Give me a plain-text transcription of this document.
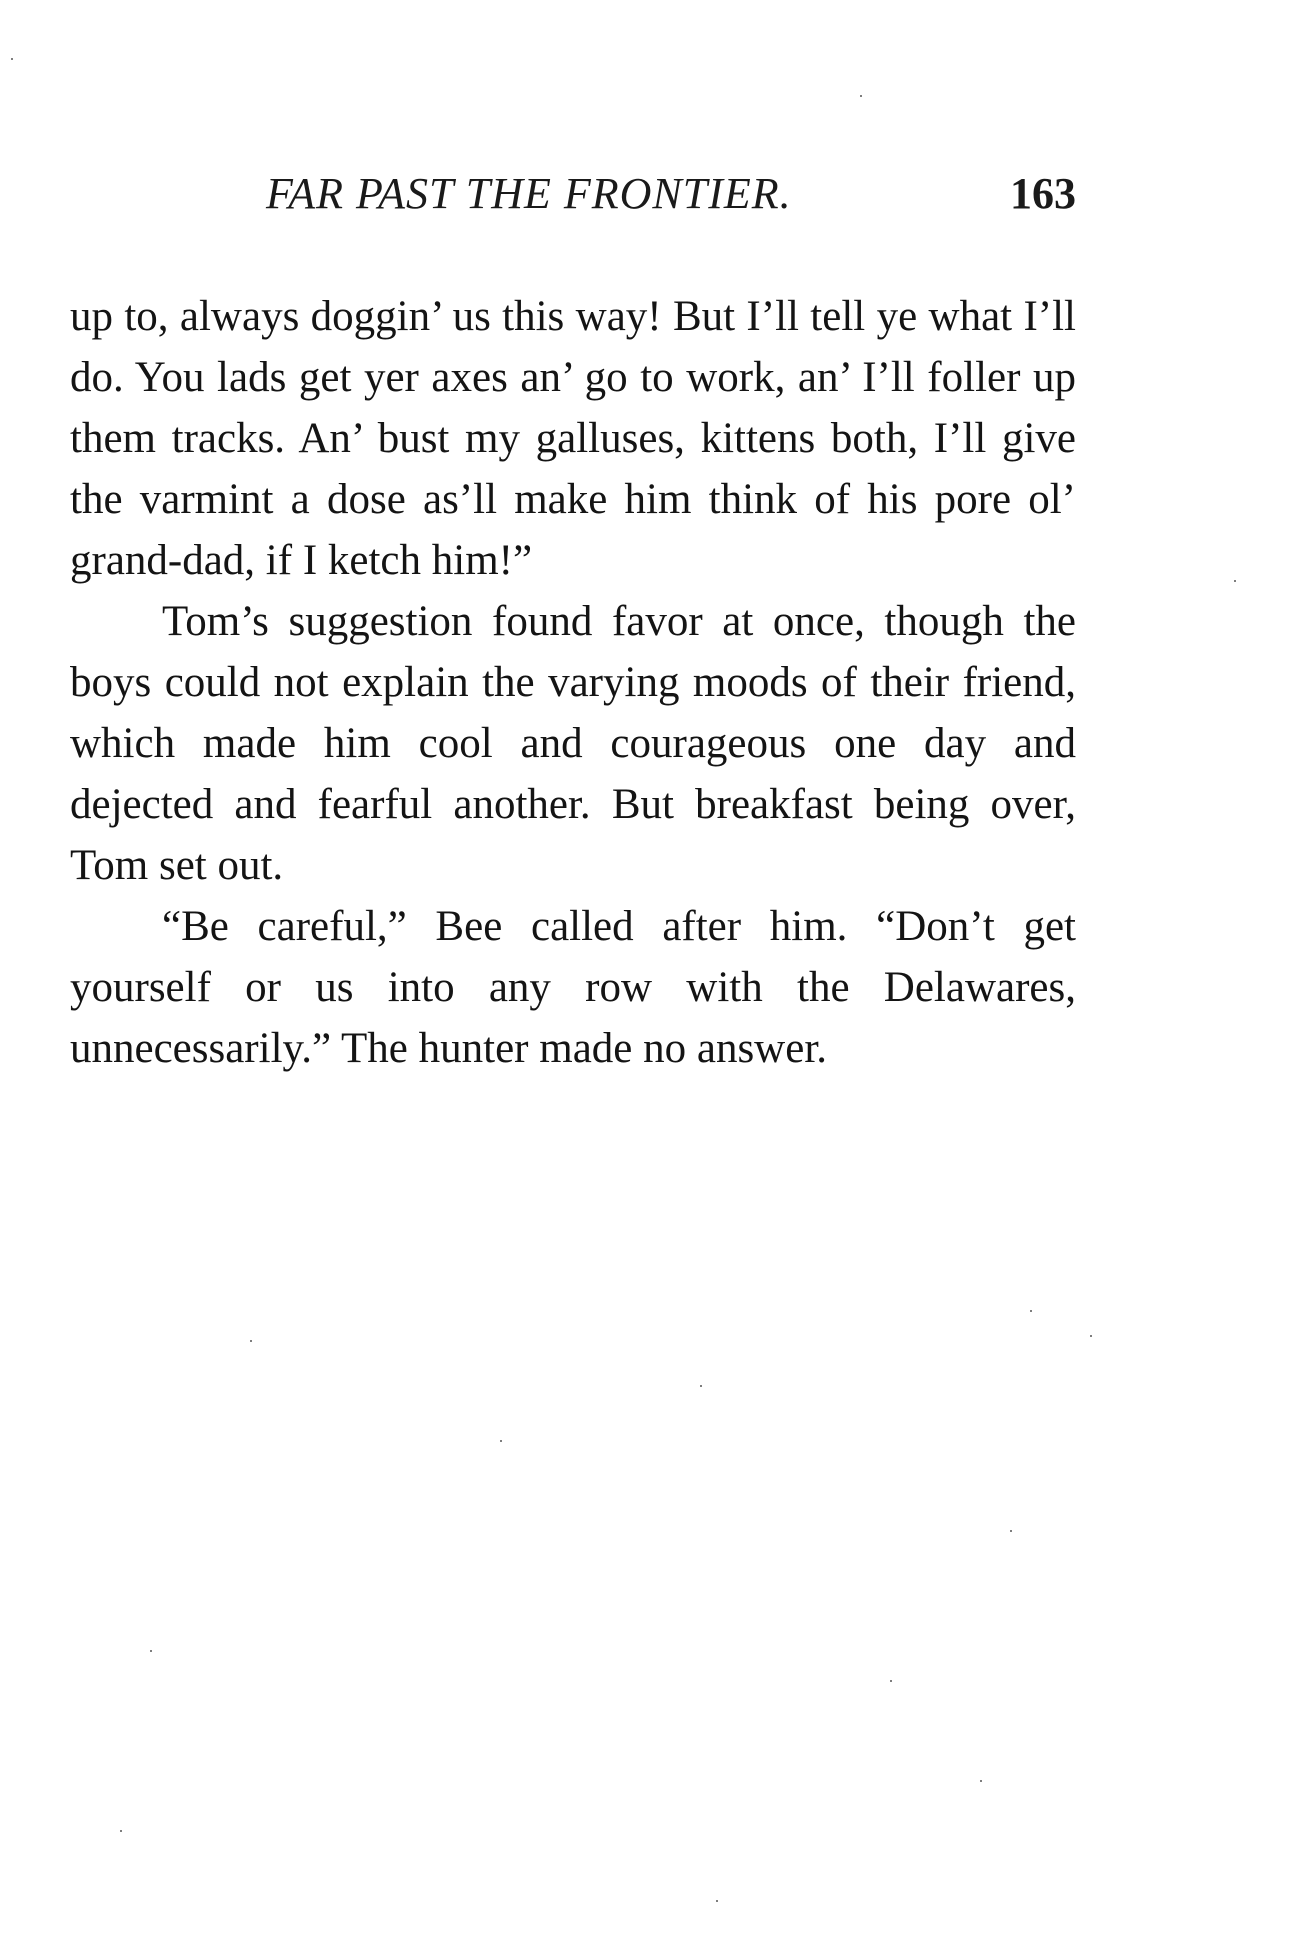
FAR PAST THE FRONTIER.	163

up to, always doggin’ us this way! But I’ll tell ye what I’ll do. You lads get yer axes an’ go to work, an’ I’ll foller up them tracks. An’ bust my galluses, kittens both, I’ll give the varmint a dose as’ll make him think of his pore ol’ grand-dad, if I ketch him!”

Tom’s suggestion found favor at once, though the boys could not explain the varying moods of their friend, which made him cool and courageous one day and dejected and fearful another. But breakfast being over, Tom set out.

“Be careful,” Bee called after him. “Don’t get yourself or us into any row with the Delawares, unnecessarily.” The hunter made no answer.
